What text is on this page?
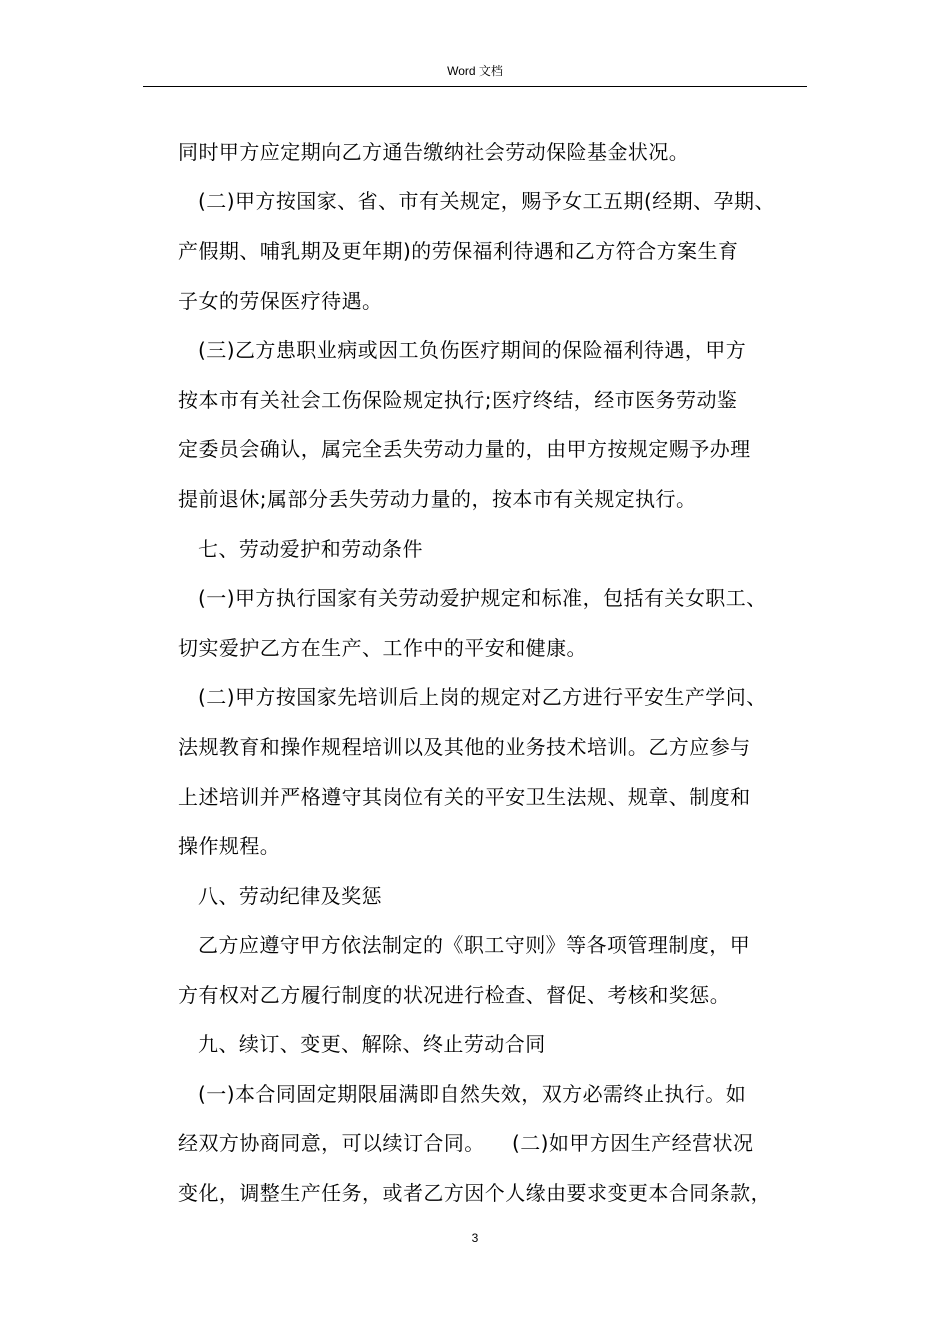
Word 文档
同时甲方应定期向乙方通告缴纳社会劳动保险基金状况。
(二)甲方按国家、省、市有关规定，赐予女工五期(经期、孕期、
产假期、哺乳期及更年期)的劳保福利待遇和乙方符合方案生育
子女的劳保医疗待遇。
(三)乙方患职业病或因工负伤医疗期间的保险福利待遇，甲方
按本市有关社会工伤保险规定执行;医疗终结，经市医务劳动鉴
定委员会确认，属完全丢失劳动力量的，由甲方按规定赐予办理
提前退休;属部分丢失劳动力量的，按本市有关规定执行。
七、劳动爱护和劳动条件
(一)甲方执行国家有关劳动爱护规定和标准，包括有关女职工、
切实爱护乙方在生产、工作中的平安和健康。
(二)甲方按国家先培训后上岗的规定对乙方进行平安生产学问、
法规教育和操作规程培训以及其他的业务技术培训。乙方应参与
上述培训并严格遵守其岗位有关的平安卫生法规、规章、制度和
操作规程。
八、劳动纪律及奖惩
乙方应遵守甲方依法制定的《职工守则》等各项管理制度，甲
方有权对乙方履行制度的状况进行检查、督促、考核和奖惩。
九、续订、变更、解除、终止劳动合同
(一)本合同固定期限届满即自然失效，双方必需终止执行。如
经双方协商同意，可以续订合同。    (二)如甲方因生产经营状况
变化，调整生产任务，或者乙方因个人缘由要求变更本合同条款，
3
